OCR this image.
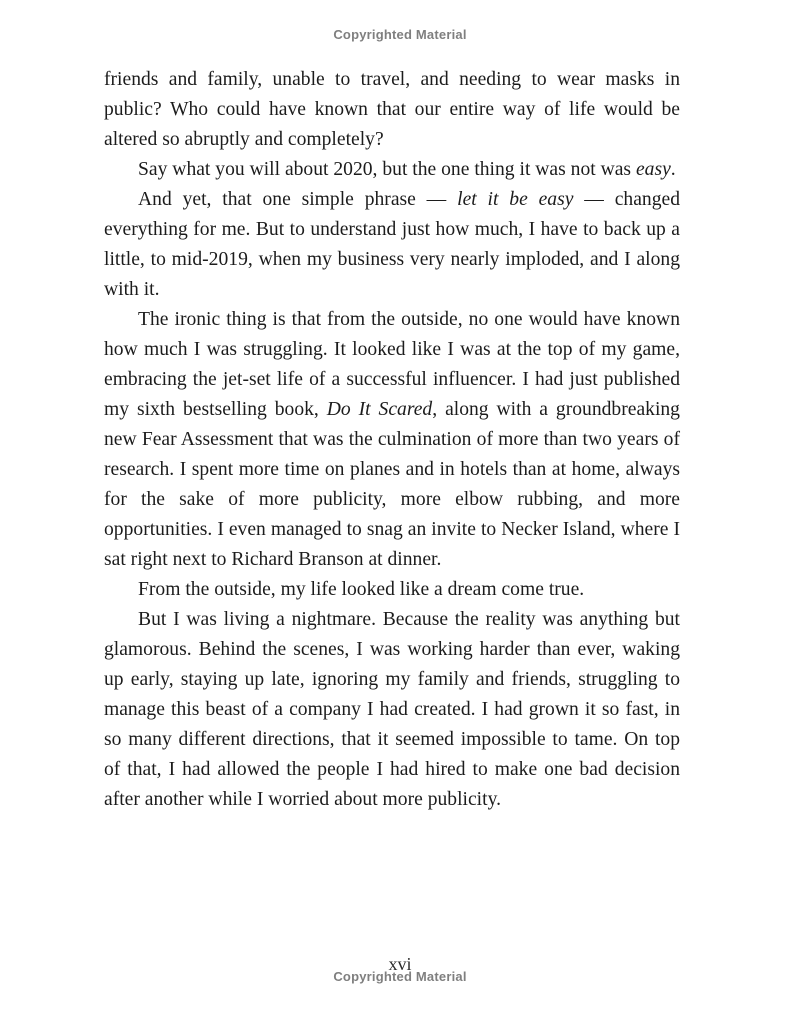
Copyrighted Material

friends and family, unable to travel, and needing to wear masks in public? Who could have known that our entire way of life would be altered so abruptly and completely?

Say what you will about 2020, but the one thing it was not was easy.

And yet, that one simple phrase — let it be easy — changed everything for me. But to understand just how much, I have to back up a little, to mid-2019, when my business very nearly imploded, and I along with it.

The ironic thing is that from the outside, no one would have known how much I was struggling. It looked like I was at the top of my game, embracing the jet-set life of a successful influencer. I had just published my sixth bestselling book, Do It Scared, along with a groundbreaking new Fear Assessment that was the culmination of more than two years of research. I spent more time on planes and in hotels than at home, always for the sake of more publicity, more elbow rubbing, and more opportunities. I even managed to snag an invite to Necker Island, where I sat right next to Richard Branson at dinner.

From the outside, my life looked like a dream come true.

But I was living a nightmare. Because the reality was anything but glamorous. Behind the scenes, I was working harder than ever, waking up early, staying up late, ignoring my family and friends, struggling to manage this beast of a company I had created. I had grown it so fast, in so many different directions, that it seemed impossible to tame. On top of that, I had allowed the people I had hired to make one bad decision after another while I worried about more publicity.

xvi
Copyrighted Material
